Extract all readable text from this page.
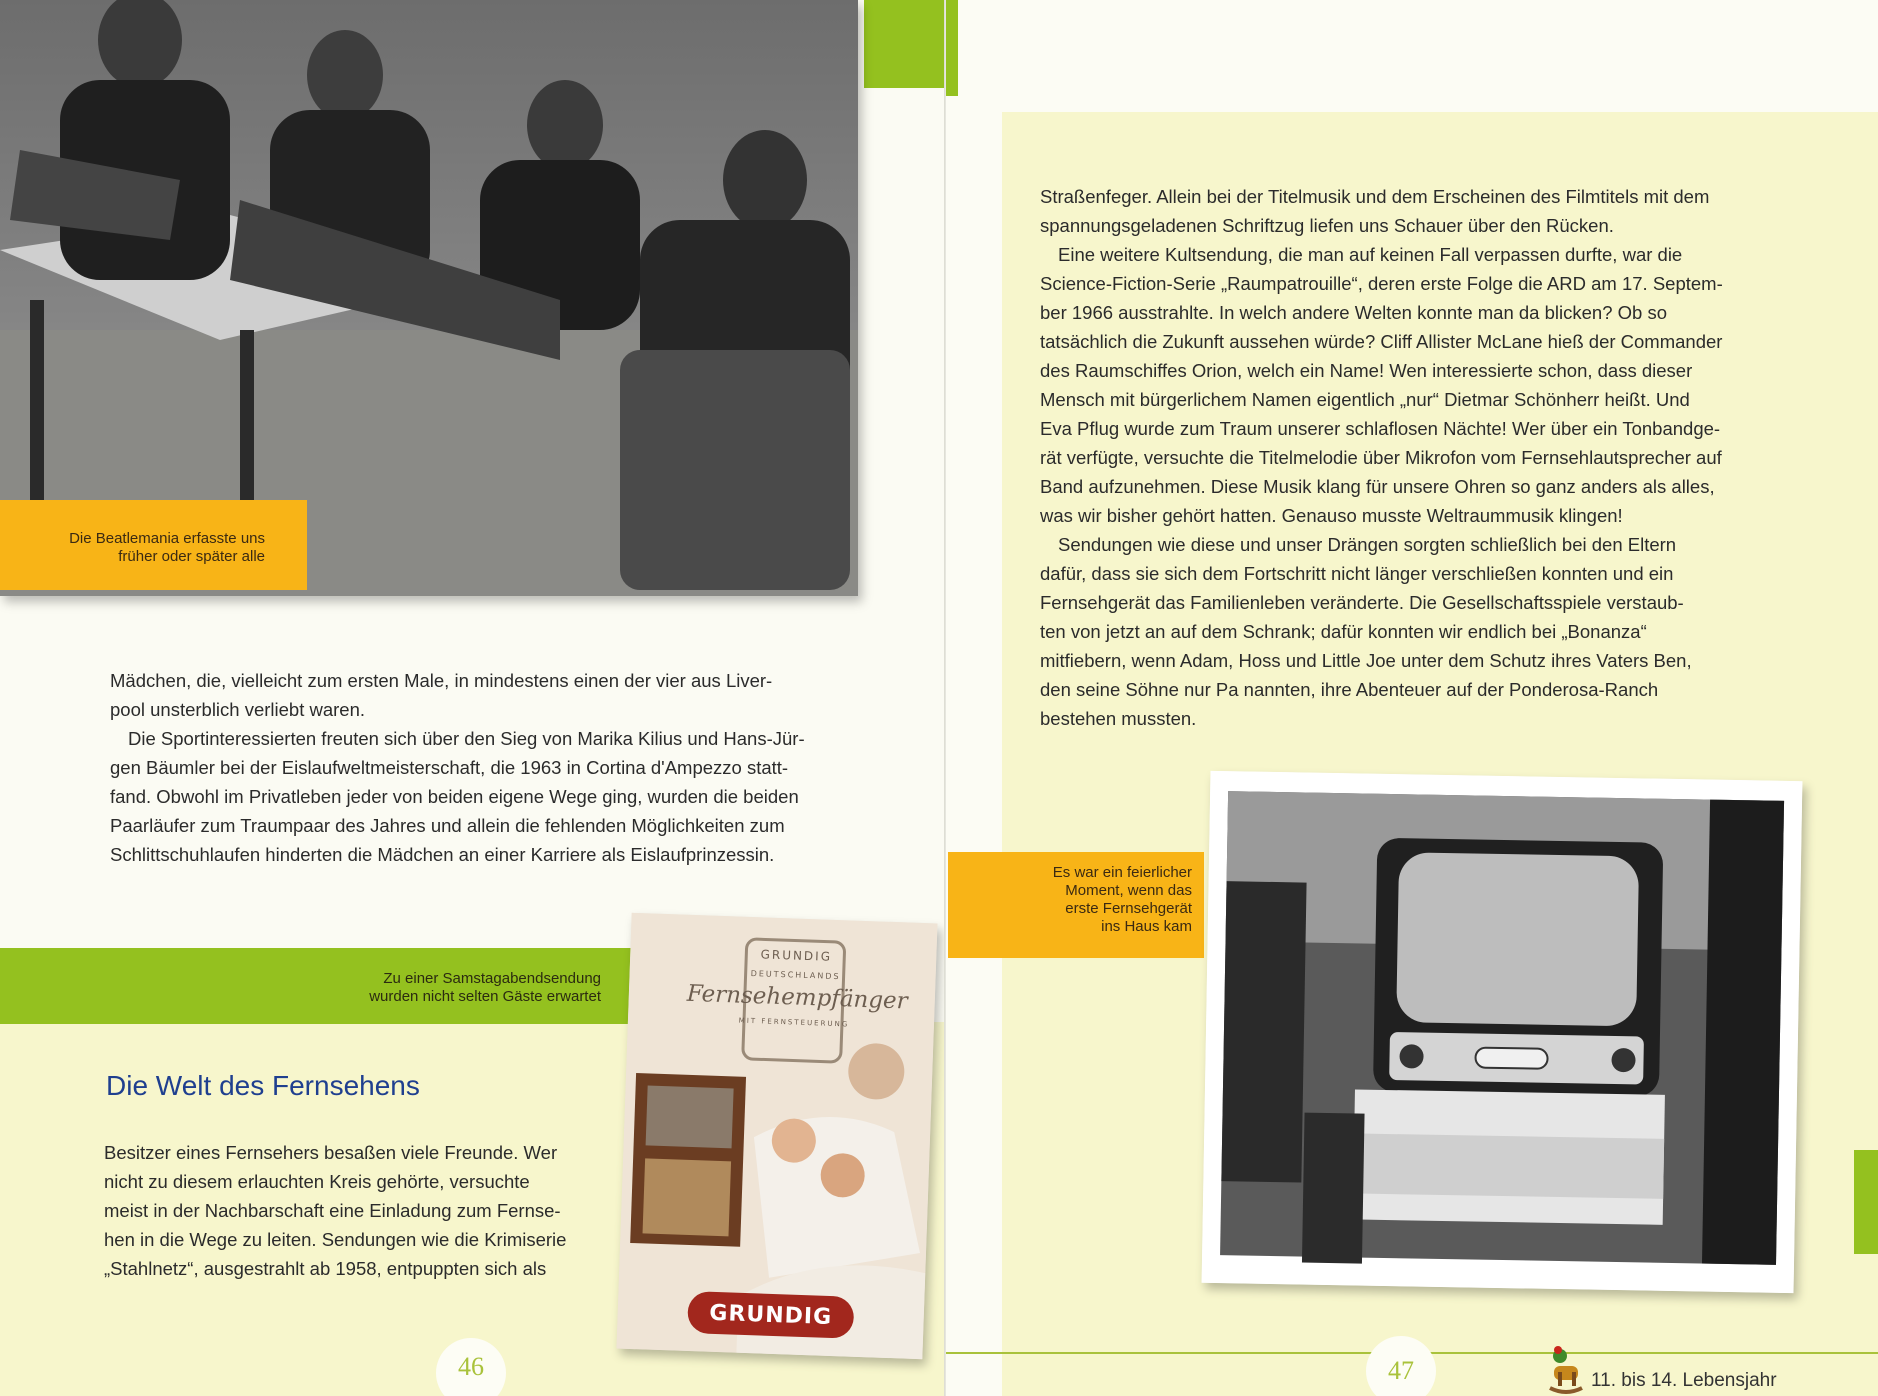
Die Beatlemania erfasste uns
früher oder später alle

Mädchen, die, vielleicht zum ersten Male, in mindestens einen der vier aus Liver-
pool unsterblich verliebt waren.

Die Sportinteressierten freuten sich über den Sieg von Marika Kilius und Hans-Jür-
gen Bäumler bei der Eislaufweltmeisterschaft, die 1963 in Cortina d'Ampezzo statt-
fand. Obwohl im Privatleben jeder von beiden eigene Wege ging, wurden die beiden
Paarläufer zum Traumpaar des Jahres und allein die fehlenden Möglichkeiten zum
Schlittschuhlaufen hinderten die Mädchen an einer Karriere als Eislaufprinzessin.

Zu einer Samstagabendsendung
wurden nicht selten Gäste erwartet
Die Welt des Fernsehens

Besitzer eines Fernsehers besaßen viele Freunde. Wer
nicht zu diesem erlauchten Kreis gehörte, versuchte
meist in der Nachbarschaft eine Einladung zum Fernse-
hen in die Wege zu leiten. Sendungen wie die Krimiserie
„Stahlnetz“, ausgestrahlt ab 1958, entpuppten sich als

GRUNDIG
DEUTSCHLANDS
Fernsehempfänger
MIT FERNSTEUERUNG
GRUNDIG
46

Straßenfeger. Allein bei der Titelmusik und dem Erscheinen des Filmtitels mit dem
spannungsgeladenen Schriftzug liefen uns Schauer über den Rücken.

Eine weitere Kultsendung, die man auf keinen Fall verpassen durfte, war die
Science-Fiction-Serie „Raumpatrouille“, deren erste Folge die ARD am 17. Septem-
ber 1966 ausstrahlte. In welch andere Welten konnte man da blicken? Ob so
tatsächlich die Zukunft aussehen würde? Cliff Allister McLane hieß der Commander
des Raumschiffes Orion, welch ein Name! Wen interessierte schon, dass dieser
Mensch mit bürgerlichem Namen eigentlich „nur“ Dietmar Schönherr heißt. Und
Eva Pflug wurde zum Traum unserer schlaflosen Nächte! Wer über ein Tonbandge-
rät verfügte, versuchte die Titelmelodie über Mikrofon vom Fernsehlautsprecher auf
Band aufzunehmen. Diese Musik klang für unsere Ohren so ganz anders als alles,
was wir bisher gehört hatten. Genauso musste Weltraummusik klingen!

Sendungen wie diese und unser Drängen sorgten schließlich bei den Eltern
dafür, dass sie sich dem Fortschritt nicht länger verschließen konnten und ein
Fernsehgerät das Familienleben veränderte. Die Gesellschaftsspiele verstaub-
ten von jetzt an auf dem Schrank; dafür konnten wir endlich bei „Bonanza“
mitfiebern, wenn Adam, Hoss und Little Joe unter dem Schutz ihres Vaters Ben,
den seine Söhne nur Pa nannten, ihre Abenteuer auf der Ponderosa-Ranch
bestehen mussten.

Es war ein feierlicher
Moment, wenn das
erste Fernsehgerät
ins Haus kam
47	11. bis 14. Lebensjahr
